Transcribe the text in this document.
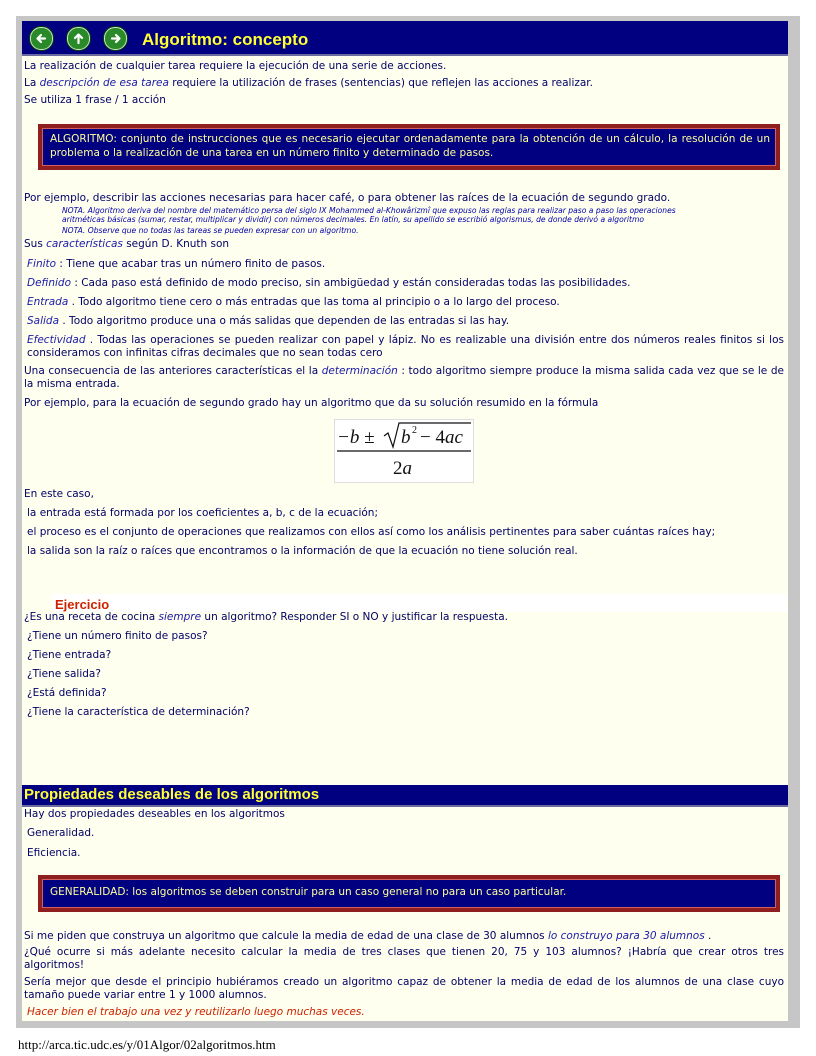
Algoritmo: concepto
La realización de cualquier tarea requiere la ejecución de una serie de acciones.
La descripción de esa tarea requiere la utilización de frases (sentencias) que reflejen las acciones a realizar.
Se utiliza 1 frase / 1 acción
ALGORITMO: conjunto de instrucciones que es necesario ejecutar ordenadamente para la obtención de un cálculo, la resolución de un problema o la realización de una tarea en un número finito y determinado de pasos.
Por ejemplo, describir las acciones necesarias para hacer café, o para obtener las raíces de la ecuación de segundo grado.
NOTA. Algoritmo deriva del nombre del matemático persa del siglo IX Mohammed al-Khowârizmî que expuso las reglas para realizar paso a paso las operaciones
aritméticas básicas (sumar, restar, multiplicar y dividir) con números decimales. En latín, su apellido se escribió algorismus, de donde derivó a algoritmo
NOTA. Observe que no todas las tareas se pueden expresar con un algoritmo.
Sus características según D. Knuth son
Finito : Tiene que acabar tras un número finito de pasos.
Definido : Cada paso está definido de modo preciso, sin ambigüedad y están consideradas todas las posibilidades.
Entrada . Todo algoritmo tiene cero o más entradas que las toma al principio o a lo largo del proceso.
Salida . Todo algoritmo produce una o más salidas que dependen de las entradas si las hay.
Efectividad . Todas las operaciones se pueden realizar con papel y lápiz. No es realizable una división entre dos números reales finitos si los consideramos con infinitas cifras decimales que no sean todas cero
Una consecuencia de las anteriores características el la determinación : todo algoritmo siempre produce la misma salida cada vez que se le de la misma entrada.
Por ejemplo, para la ecuación de segundo grado hay un algoritmo que da su solución resumido en la fórmula
−b ± b 2 − 4ac
2a
En este caso,
la entrada está formada por los coeficientes a, b, c de la ecuación;
el proceso es el conjunto de operaciones que realizamos con ellos así como los análisis pertinentes para saber cuántas raíces hay;
la salida son la raíz o raíces que encontramos o la información de que la ecuación no tiene solución real.
Ejercicio
¿Es una receta de cocina siempre un algoritmo? Responder SI o NO y justificar la respuesta.
¿Tiene un número finito de pasos?
¿Tiene entrada?
¿Tiene salida?
¿Está definida?
¿Tiene la característica de determinación?
Propiedades deseables de los algoritmos
Hay dos propiedades deseables en los algoritmos
Generalidad.
Eficiencia.
GENERALIDAD: los algoritmos se deben construir para un caso general no para un caso particular.
Si me piden que construya un algoritmo que calcule la media de edad de una clase de 30 alumnos lo construyo para 30 alumnos .
¿Qué ocurre si más adelante necesito calcular la media de tres clases que tienen 20, 75 y 103 alumnos? ¡Habría que crear otros tres algoritmos!
Sería mejor que desde el principio hubiéramos creado un algoritmo capaz de obtener la media de edad de los alumnos de una clase cuyo tamaño puede variar entre 1 y 1000 alumnos.
Hacer bien el trabajo una vez y reutilizarlo luego muchas veces.
http://arca.tic.udc.es/y/01Algor/02algoritmos.htm
